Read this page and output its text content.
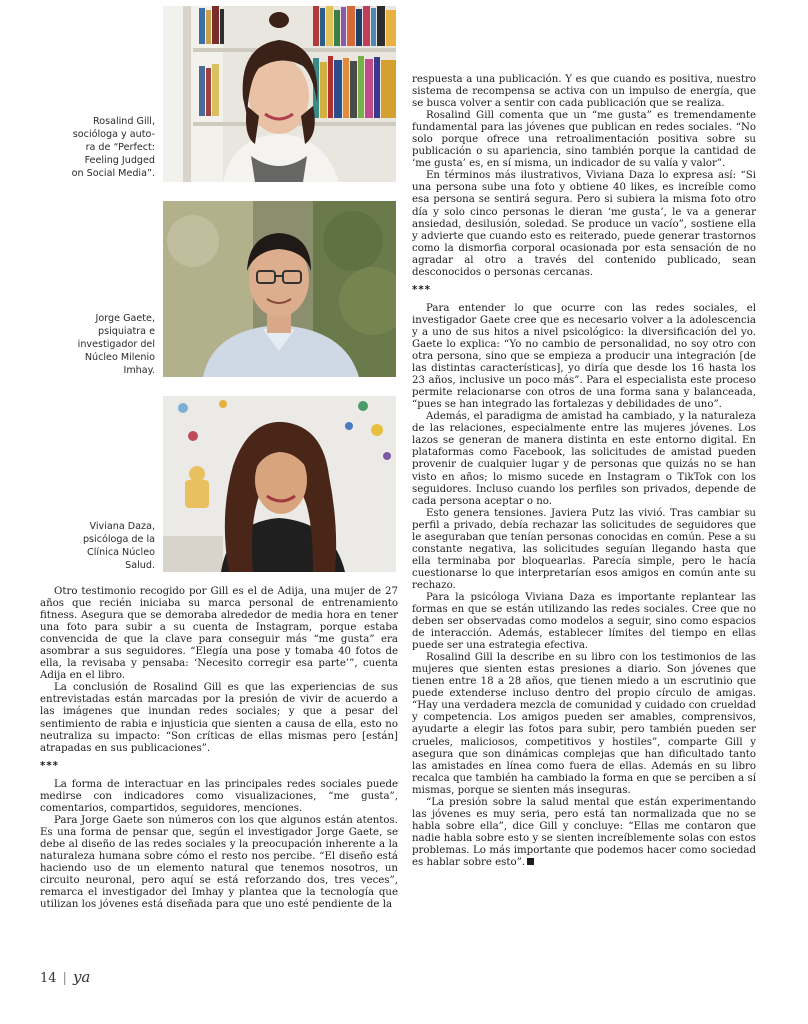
Rosalind Gill,
socióloga y auto-
ra de “Perfect:
Feeling Judged
on Social Media”.
Jorge Gaete,
psiquiatra e
investigador del
Núcleo Milenio
Imhay.
Viviana Daza,
psicóloga de la
Clínica Núcleo
Salud.

respuesta a una publicación. Y es que cuando es positiva, nuestro sistema de recompensa se activa con un impulso de energía, que se busca volver a sentir con cada publicación que se realiza.

Rosalind Gill comenta que un “me gusta” es tremendamente fundamental para las jóvenes que publican en redes sociales. “No solo porque ofrece una retroalimentación positiva sobre su publicación o su apariencia, sino también porque la cantidad de ‘me gusta’ es, en sí misma, un indicador de su valía y valor”.

En términos más ilustrativos, Viviana Daza lo expresa así: “Si una persona sube una foto y obtiene 40 likes, es increíble como esa persona se sentirá segura. Pero si subiera la misma foto otro día y solo cinco personas le dieran ‘me gusta’, le va a generar ansiedad, desilusión, soledad. Se produce un vacío”, sostiene ella y advierte que cuando esto es reiterado, puede generar trastornos como la dismorfia corporal ocasionada por esta sensación de no agradar al otro a través del contenido publicado, sean desconocidos o personas cercanas.

***

Para entender lo que ocurre con las redes sociales, el investigador Gaete cree que es necesario volver a la adolescencia y a uno de sus hitos a nivel psicológico: la diversificación del yo. Gaete lo explica: “Yo no cambio de personalidad, no soy otro con otra persona, sino que se empieza a producir una integración [de las distintas características], yo diría que desde los 16 hasta los 23 años, inclusive un poco más”. Para el especialista este proceso permite relacionarse con otros de una forma sana y balanceada, “pues se han integrado las fortalezas y debilidades de uno”.

Además, el paradigma de amistad ha cambiado, y la naturaleza de las relaciones, especialmente entre las mujeres jóvenes. Los lazos se generan de manera distinta en este entorno digital. En plataformas como Facebook, las solicitudes de amistad pueden provenir de cualquier lugar y de personas que quizás no se han visto en años; lo mismo sucede en Instagram o TikTok con los seguidores. Incluso cuando los perfiles son privados, depende de cada persona aceptar o no.

Esto genera tensiones. Javiera Putz las vivió. Tras cambiar su perfil a privado, debía rechazar las solicitudes de seguidores que le aseguraban que tenían personas conocidas en común. Pese a su constante negativa, las solicitudes seguían llegando hasta que ella terminaba por bloquearlas. Parecía simple, pero le hacía cuestionarse lo que interpretarían esos amigos en común ante su rechazo.

Para la psicóloga Viviana Daza es importante replantear las formas en que se están utilizando las redes sociales. Cree que no deben ser observadas como modelos a seguir, sino como espacios de interacción. Además, establecer límites del tiempo en ellas puede ser una estrategia efectiva.

Rosalind Gill la describe en su libro con los testimonios de las mujeres que sienten estas presiones a diario. Son jóvenes que tienen entre 18 a 28 años, que tienen miedo a un escrutinio que puede extenderse incluso dentro del propio círculo de amigas. “Hay una verdadera mezcla de comunidad y cuidado con crueldad y competencia. Los amigos pueden ser amables, comprensivos, ayudarte a elegir las fotos para subir, pero también pueden ser crueles, maliciosos, competitivos y hostiles”, comparte Gill y asegura que son dinámicas complejas que han dificultado tanto las amistades en línea como fuera de ellas. Además en su libro recalca que también ha cambiado la forma en que se perciben a sí mismas, porque se sienten más inseguras.

“La presión sobre la salud mental que están experimentando las jóvenes es muy seria, pero está tan normalizada que no se habla sobre ella”, dice Gill y concluye: “Ellas me contaron que nadie habla sobre esto y se sienten increíblemente solas con estos problemas. Lo más importante que podemos hacer como sociedad es hablar sobre esto”.

Otro testimonio recogido por Gill es el de Adija, una mujer de 27 años que recién iniciaba su marca personal de entrenamiento fitness. Asegura que se demoraba alrededor de media hora en tener una foto para subir a su cuenta de Instagram, porque estaba convencida de que la clave para conseguir más “me gusta” era asombrar a sus seguidores. “Elegía una pose y tomaba 40 fotos de ella, la revisaba y pensaba: ‘Necesito corregir esa parte’”, cuenta Adija en el libro.

La conclusión de Rosalind Gill es que las experiencias de sus entrevistadas están marcadas por la presión de vivir de acuerdo a las imágenes que inundan redes sociales; y que a pesar del sentimiento de rabia e injusticia que sienten a causa de ella, esto no neutraliza su impacto: “Son críticas de ellas mismas pero [están] atrapadas en sus publicaciones”.

***

La forma de interactuar en las principales redes sociales puede medirse con indicadores como visualizaciones, “me gusta”, comentarios, compartidos, seguidores, menciones.

Para Jorge Gaete son números con los que algunos están atentos. Es una forma de pensar que, según el investigador Jorge Gaete, se debe al diseño de las redes sociales y la preocupación inherente a la naturaleza humana sobre cómo el resto nos percibe. “El diseño está haciendo uso de un elemento natural que tenemos nosotros, un circuito neuronal, pero aquí se está reforzando dos, tres veces”, remarca el investigador del Imhay y plantea que la tecnología que utilizan los jóvenes está diseñada para que uno esté pendiente de la

14 | ya
